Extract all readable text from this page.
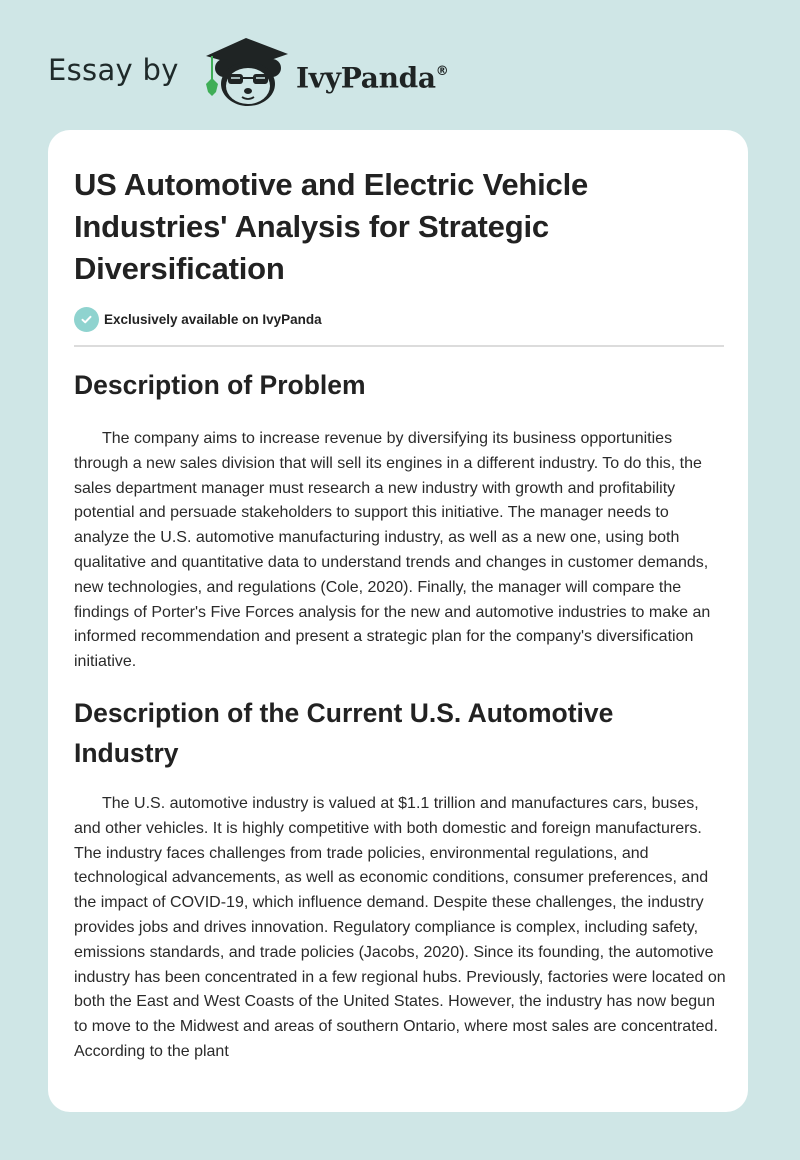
Essay by	IvyPanda®
US Automotive and Electric Vehicle Industries' Analysis for Strategic Diversification
Exclusively available on IvyPanda
Description of Problem

The company aims to increase revenue by diversifying its business opportunities through a new sales division that will sell its engines in a different industry. To do this, the sales department manager must research a new industry with growth and profitability potential and persuade stakeholders to support this initiative. The manager needs to analyze the U.S. automotive manufacturing industry, as well as a new one, using both qualitative and quantitative data to understand trends and changes in customer demands, new technologies, and regulations (Cole, 2020). Finally, the manager will compare the findings of Porter's Five Forces analysis for the new and automotive industries to make an informed recommendation and present a strategic plan for the company's diversification initiative.

Description of the Current U.S. Automotive Industry

The U.S. automotive industry is valued at $1.1 trillion and manufactures cars, buses, and other vehicles. It is highly competitive with both domestic and foreign manufacturers. The industry faces challenges from trade policies, environmental regulations, and technological advancements, as well as economic conditions, consumer preferences, and the impact of COVID-19, which influence demand. Despite these challenges, the industry provides jobs and drives innovation. Regulatory compliance is complex, including safety, emissions standards, and trade policies (Jacobs, 2020). Since its founding, the automotive industry has been concentrated in a few regional hubs. Previously, factories were located on both the East and West Coasts of the United States. However, the industry has now begun to move to the Midwest and areas of southern Ontario, where most sales are concentrated. According to the plant
